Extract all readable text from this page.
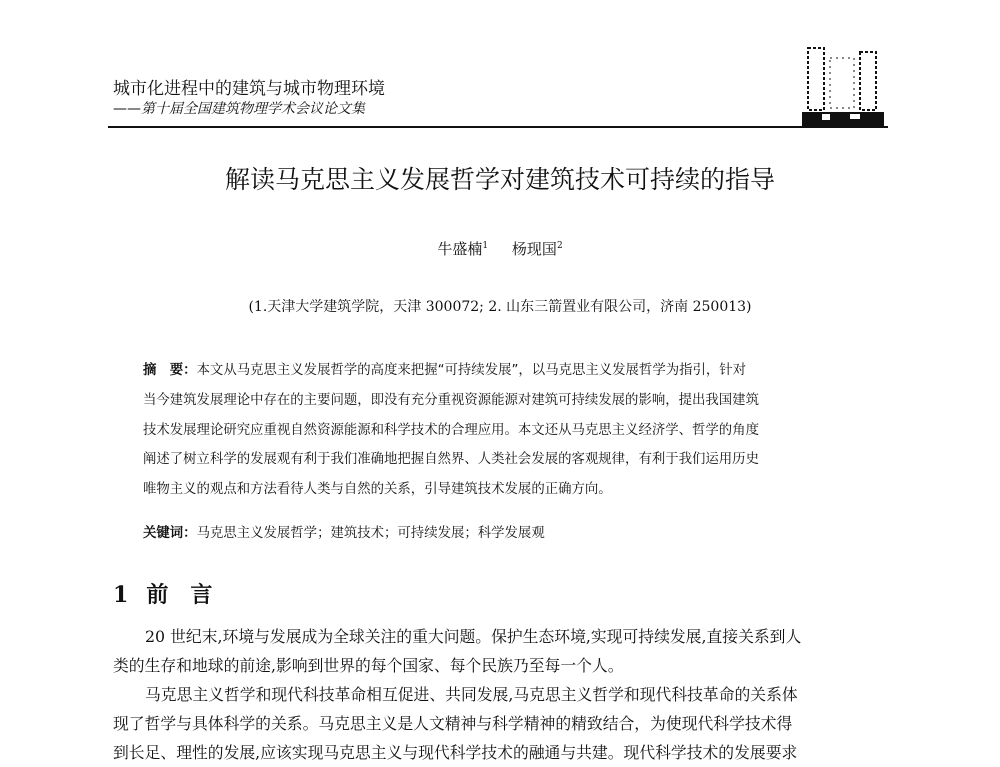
城市化进程中的建筑与城市物理环境
——第十届全国建筑物理学术会议论文集
解读马克思主义发展哲学对建筑技术可持续的指导
牛盛楠$^1$ 杨现国$^2$
(1.天津大学建筑学院，天津 300072; 2. 山东三箭置业有限公司，济南 250013)
摘　要：本文从马克思主义发展哲学的高度来把握“可持续发展”，以马克思主义发展哲学为指引，针对
当今建筑发展理论中存在的主要问题，即没有充分重视资源能源对建筑可持续发展的影响，提出我国建筑
技术发展理论研究应重视自然资源能源和科学技术的合理应用。本文还从马克思主义经济学、哲学的角度
阐述了树立科学的发展观有利于我们准确地把握自然界、人类社会发展的客观规律，有利于我们运用历史
唯物主义的观点和方法看待人类与自然的关系，引导建筑技术发展的正确方向。
关键词：马克思主义发展哲学；建筑技术；可持续发展；科学发展观
1 前　言
20 世纪末,环境与发展成为全球关注的重大问题。保护生态环境,实现可持续发展,直接关系到人
类的生存和地球的前途,影响到世界的每个国家、每个民族乃至每一个人。
马克思主义哲学和现代科技革命相互促进、共同发展,马克思主义哲学和现代科技革命的关系体
现了哲学与具体科学的关系。马克思主义是人文精神与科学精神的精致结合，为使现代科学技术得
到长足、理性的发展,应该实现马克思主义与现代科学技术的融通与共建。现代科学技术的发展要求
